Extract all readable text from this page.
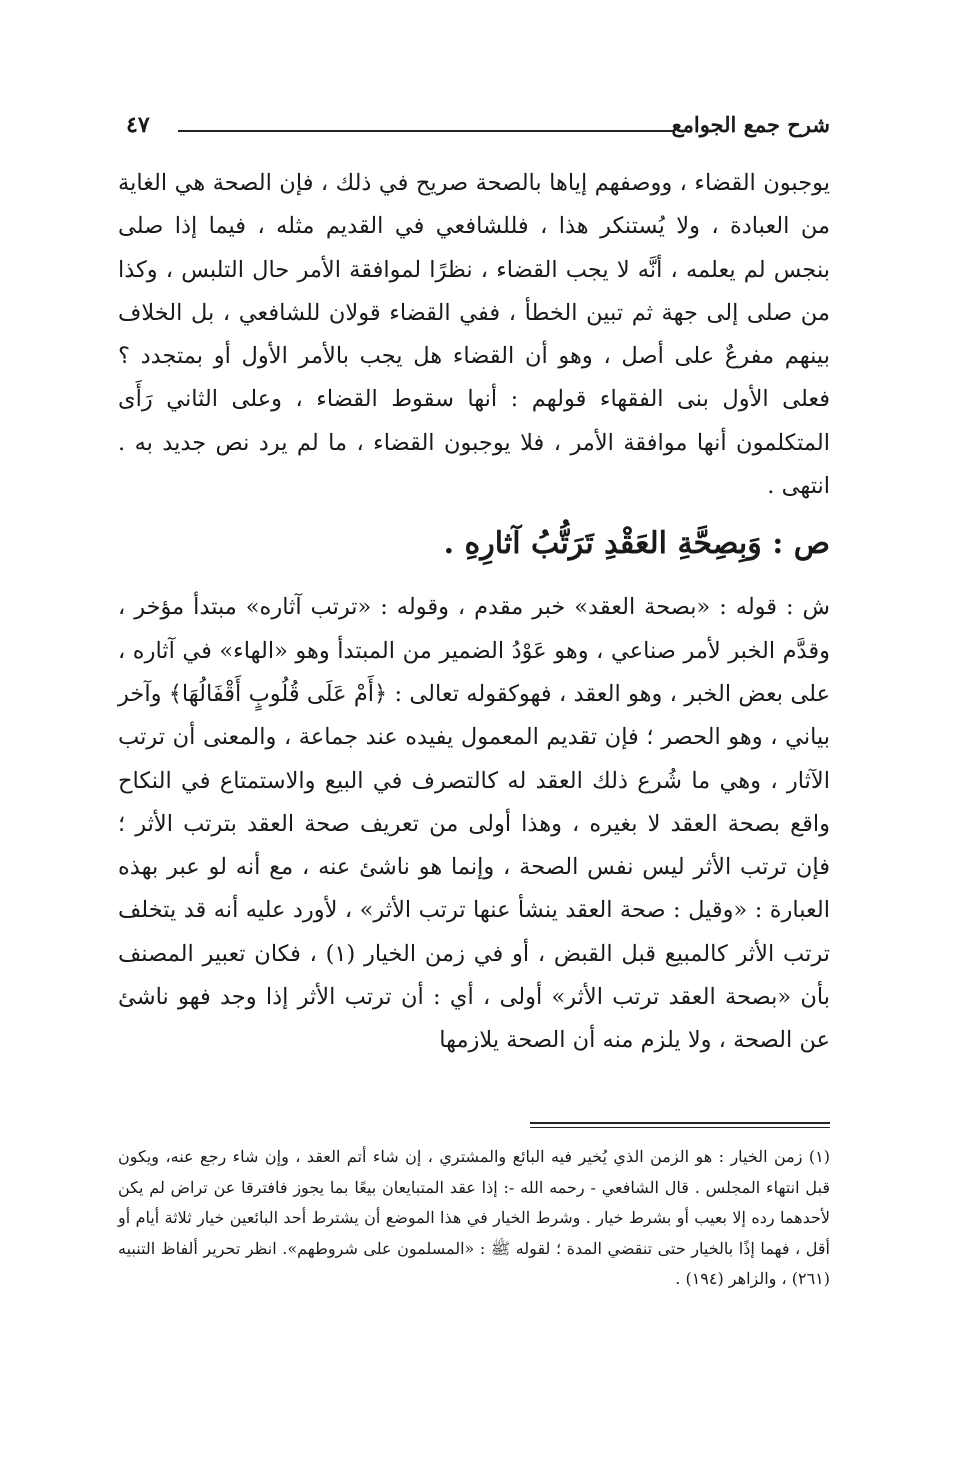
شرح جمع الجوامع
٤٧

يوجبون القضاء ، ووصفهم إياها بالصحة صريح في ذلك ، فإن الصحة هي الغاية من العبادة ، ولا يُستنكر هذا ، فللشافعي في القديم مثله ، فيما إذا صلى بنجس لم يعلمه ، أنَّه لا يجب القضاء ، نظرًا لموافقة الأمر حال التلبس ، وكذا من صلى إلى جهة ثم تبين الخطأ ، ففي القضاء قولان للشافعي ، بل الخلاف بينهم مفرعٌ على أصل ، وهو أن القضاء هل يجب بالأمر الأول أو بمتجدد ؟ فعلى الأول بنى الفقهاء قولهم : أنها سقوط القضاء ، وعلى الثاني رَأَى المتكلمون أنها موافقة الأمر ، فلا يوجبون القضاء ، ما لم يرد نص جديد به . انتهى .

ص : وَبِصِحَّةِ العَقْدِ تَرَتُّبُ آثارِهِ .

ش : قوله : «بصحة العقد» خبر مقدم ، وقوله : «ترتب آثاره» مبتدأ مؤخر ، وقدَّم الخبر لأمر صناعي ، وهو عَوْدُ الضمير من المبتدأ وهو «الهاء» في آثاره ، على بعض الخبر ، وهو العقد ، فهوكقوله تعالى : ﴿أَمْ عَلَى قُلُوبٍ أَقْفَالُهَا﴾ وآخر بياني ، وهو الحصر ؛ فإن تقديم المعمول يفيده عند جماعة ، والمعنى أن ترتب الآثار ، وهي ما شُرع ذلك العقد له كالتصرف في البيع والاستمتاع في النكاح واقع بصحة العقد لا بغيره ، وهذا أولى من تعريف صحة العقد بترتب الأثر ؛ فإن ترتب الأثر ليس نفس الصحة ، وإنما هو ناشئ عنه ، مع أنه لو عبر بهذه العبارة : «وقيل : صحة العقد ينشأ عنها ترتب الأثر» ، لأورد عليه أنه قد يتخلف ترتب الأثر كالمبيع قبل القبض ، أو في زمن الخيار (١) ، فكان تعبير المصنف بأن «بصحة العقد ترتب الأثر» أولى ، أي : أن ترتب الأثر إذا وجد فهو ناشئ عن الصحة ، ولا يلزم منه أن الصحة يلازمها

(١) زمن الخيار : هو الزمن الذي يُخير فيه البائع والمشتري ، إن شاء أتم العقد ، وإن شاء رجع عنه، ويكون قبل انتهاء المجلس . قال الشافعي - رحمه الله -: إذا عقد المتبايعان بيعًا بما يجوز فافترقا عن تراض لم يكن لأحدهما رده إلا بعيب أو بشرط خيار . وشرط الخيار في هذا الموضع أن يشترط أحد البائعين خيار ثلاثة أيام أو أقل ، فهما إذًا بالخيار حتى تنقضي المدة ؛ لقوله ﷺ : «المسلمون على شروطهم». انظر تحرير ألفاظ التنبيه (٢٦١) ، والزاهر (١٩٤) .
